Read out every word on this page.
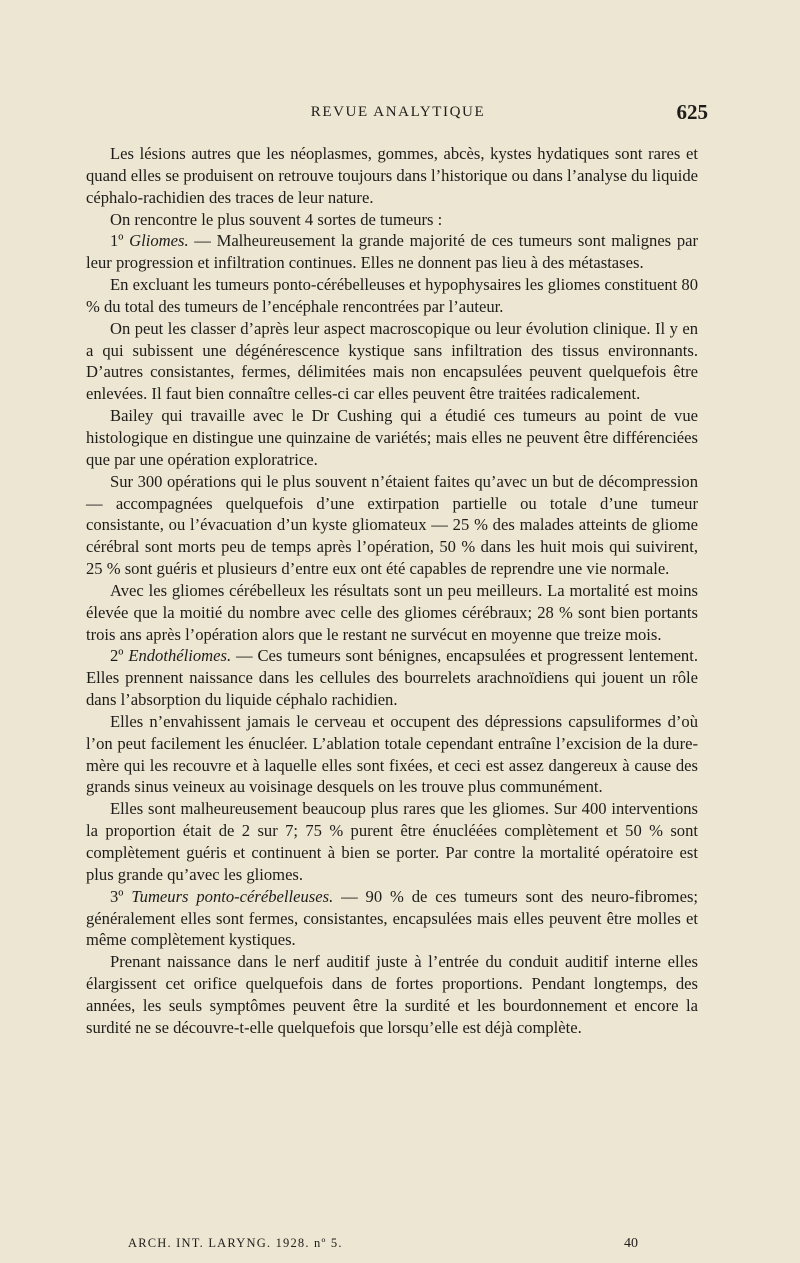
REVUE ANALYTIQUE	625

Les lésions autres que les néoplasmes, gommes, abcès, kystes hydatiques sont rares et quand elles se produisent on retrouve toujours dans l’historique ou dans l’analyse du liquide céphalo-rachidien des traces de leur nature.

On rencontre le plus souvent 4 sortes de tumeurs :

1º Gliomes. — Malheureusement la grande majorité de ces tumeurs sont malignes par leur progression et infiltration continues. Elles ne donnent pas lieu à des métastases.

En excluant les tumeurs ponto-cérébelleuses et hypophysaires les gliomes constituent 80 % du total des tumeurs de l’encéphale rencontrées par l’auteur.

On peut les classer d’après leur aspect macroscopique ou leur évolution clinique. Il y en a qui subissent une dégénérescence kystique sans infiltration des tissus environnants. D’autres consistantes, fermes, délimitées mais non encapsulées peuvent quelquefois être enlevées. Il faut bien connaître celles-ci car elles peuvent être traitées radicalement.

Bailey qui travaille avec le Dr Cushing qui a étudié ces tumeurs au point de vue histologique en distingue une quinzaine de variétés; mais elles ne peuvent être différenciées que par une opération exploratrice.

Sur 300 opérations qui le plus souvent n’étaient faites qu’avec un but de décompression — accompagnées quelquefois d’une extirpation partielle ou totale d’une tumeur consistante, ou l’évacuation d’un kyste gliomateux — 25 % des malades atteints de gliome cérébral sont morts peu de temps après l’opération, 50 % dans les huit mois qui suivirent, 25 % sont guéris et plusieurs d’entre eux ont été capables de reprendre une vie normale.

Avec les gliomes cérébelleux les résultats sont un peu meilleurs. La mortalité est moins élevée que la moitié du nombre avec celle des gliomes cérébraux; 28 % sont bien portants trois ans après l’opération alors que le restant ne survécut en moyenne que treize mois.

2º Endothéliomes. — Ces tumeurs sont bénignes, encapsulées et progressent lentement. Elles prennent naissance dans les cellules des bourrelets arachnoïdiens qui jouent un rôle dans l’absorption du liquide céphalo rachidien.

Elles n’envahissent jamais le cerveau et occupent des dépressions capsuliformes d’où l’on peut facilement les énucléer. L’ablation totale cependant entraîne l’excision de la dure-mère qui les recouvre et à laquelle elles sont fixées, et ceci est assez dangereux à cause des grands sinus veineux au voisinage desquels on les trouve plus communément.

Elles sont malheureusement beaucoup plus rares que les gliomes. Sur 400 interventions la proportion était de 2 sur 7; 75 % purent être énucléées complètement et 50 % sont complètement guéris et continuent à bien se porter. Par contre la mortalité opératoire est plus grande qu’avec les gliomes.

3º Tumeurs ponto-cérébelleuses. — 90 % de ces tumeurs sont des neuro-fibromes; généralement elles sont fermes, consistantes, encapsulées mais elles peuvent être molles et même complètement kystiques.

Prenant naissance dans le nerf auditif juste à l’entrée du conduit auditif interne elles élargissent cet orifice quelquefois dans de fortes proportions. Pendant longtemps, des années, les seuls symptômes peuvent être la surdité et les bourdonnement et encore la surdité ne se découvre-t-elle quelquefois que lorsqu’elle est déjà complète.

ARCH. INT. LARYNG. 1928. nº 5.	40
